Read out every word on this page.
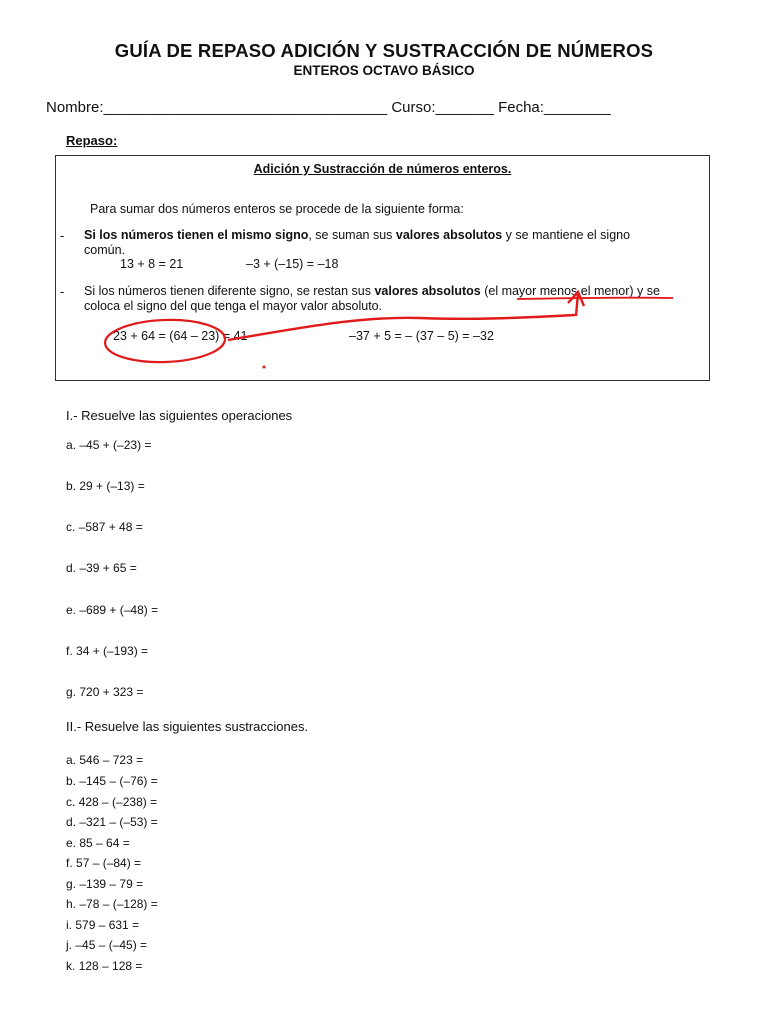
GUÍA DE REPASO ADICIÓN Y SUSTRACCIÓN DE NÚMEROS
ENTEROS OCTAVO BÁSICO
Nombre:__________________________________ Curso:_______ Fecha:________
Repaso:
Adición y Sustracción de números enteros.
Para sumar dos números enteros se procede de la siguiente forma:
- Si los números tienen el mismo signo, se suman sus valores absolutos y se mantiene el signo
común.
13 + 8 = 21	–3 + (–15) = –18
- Si los números tienen diferente signo, se restan sus valores absolutos (el mayor menos el menor) y se
coloca el signo del que tenga el mayor valor absoluto.
23 + 64 = (64 – 23) = 41	–37 + 5 = – (37 – 5) = –32
I.- Resuelve las siguientes operaciones
a. –45 + (–23) =
b. 29 + (–13) =
c. –587 + 48 =
d. –39 + 65 =
e. –689 + (–48) =
f. 34 + (–193) =
g. 720 + 323 =
II.- Resuelve las siguientes sustracciones.
a. 546 – 723 =
b. –145 – (–76) =
c. 428 – (–238) =
d. –321 – (–53) =
e. 85 – 64 =
f. 57 – (–84) =
g. –139 – 79 =
h. –78 – (–128) =
i. 579 – 631 =
j. –45 – (–45) =
k. 128 – 128 =
